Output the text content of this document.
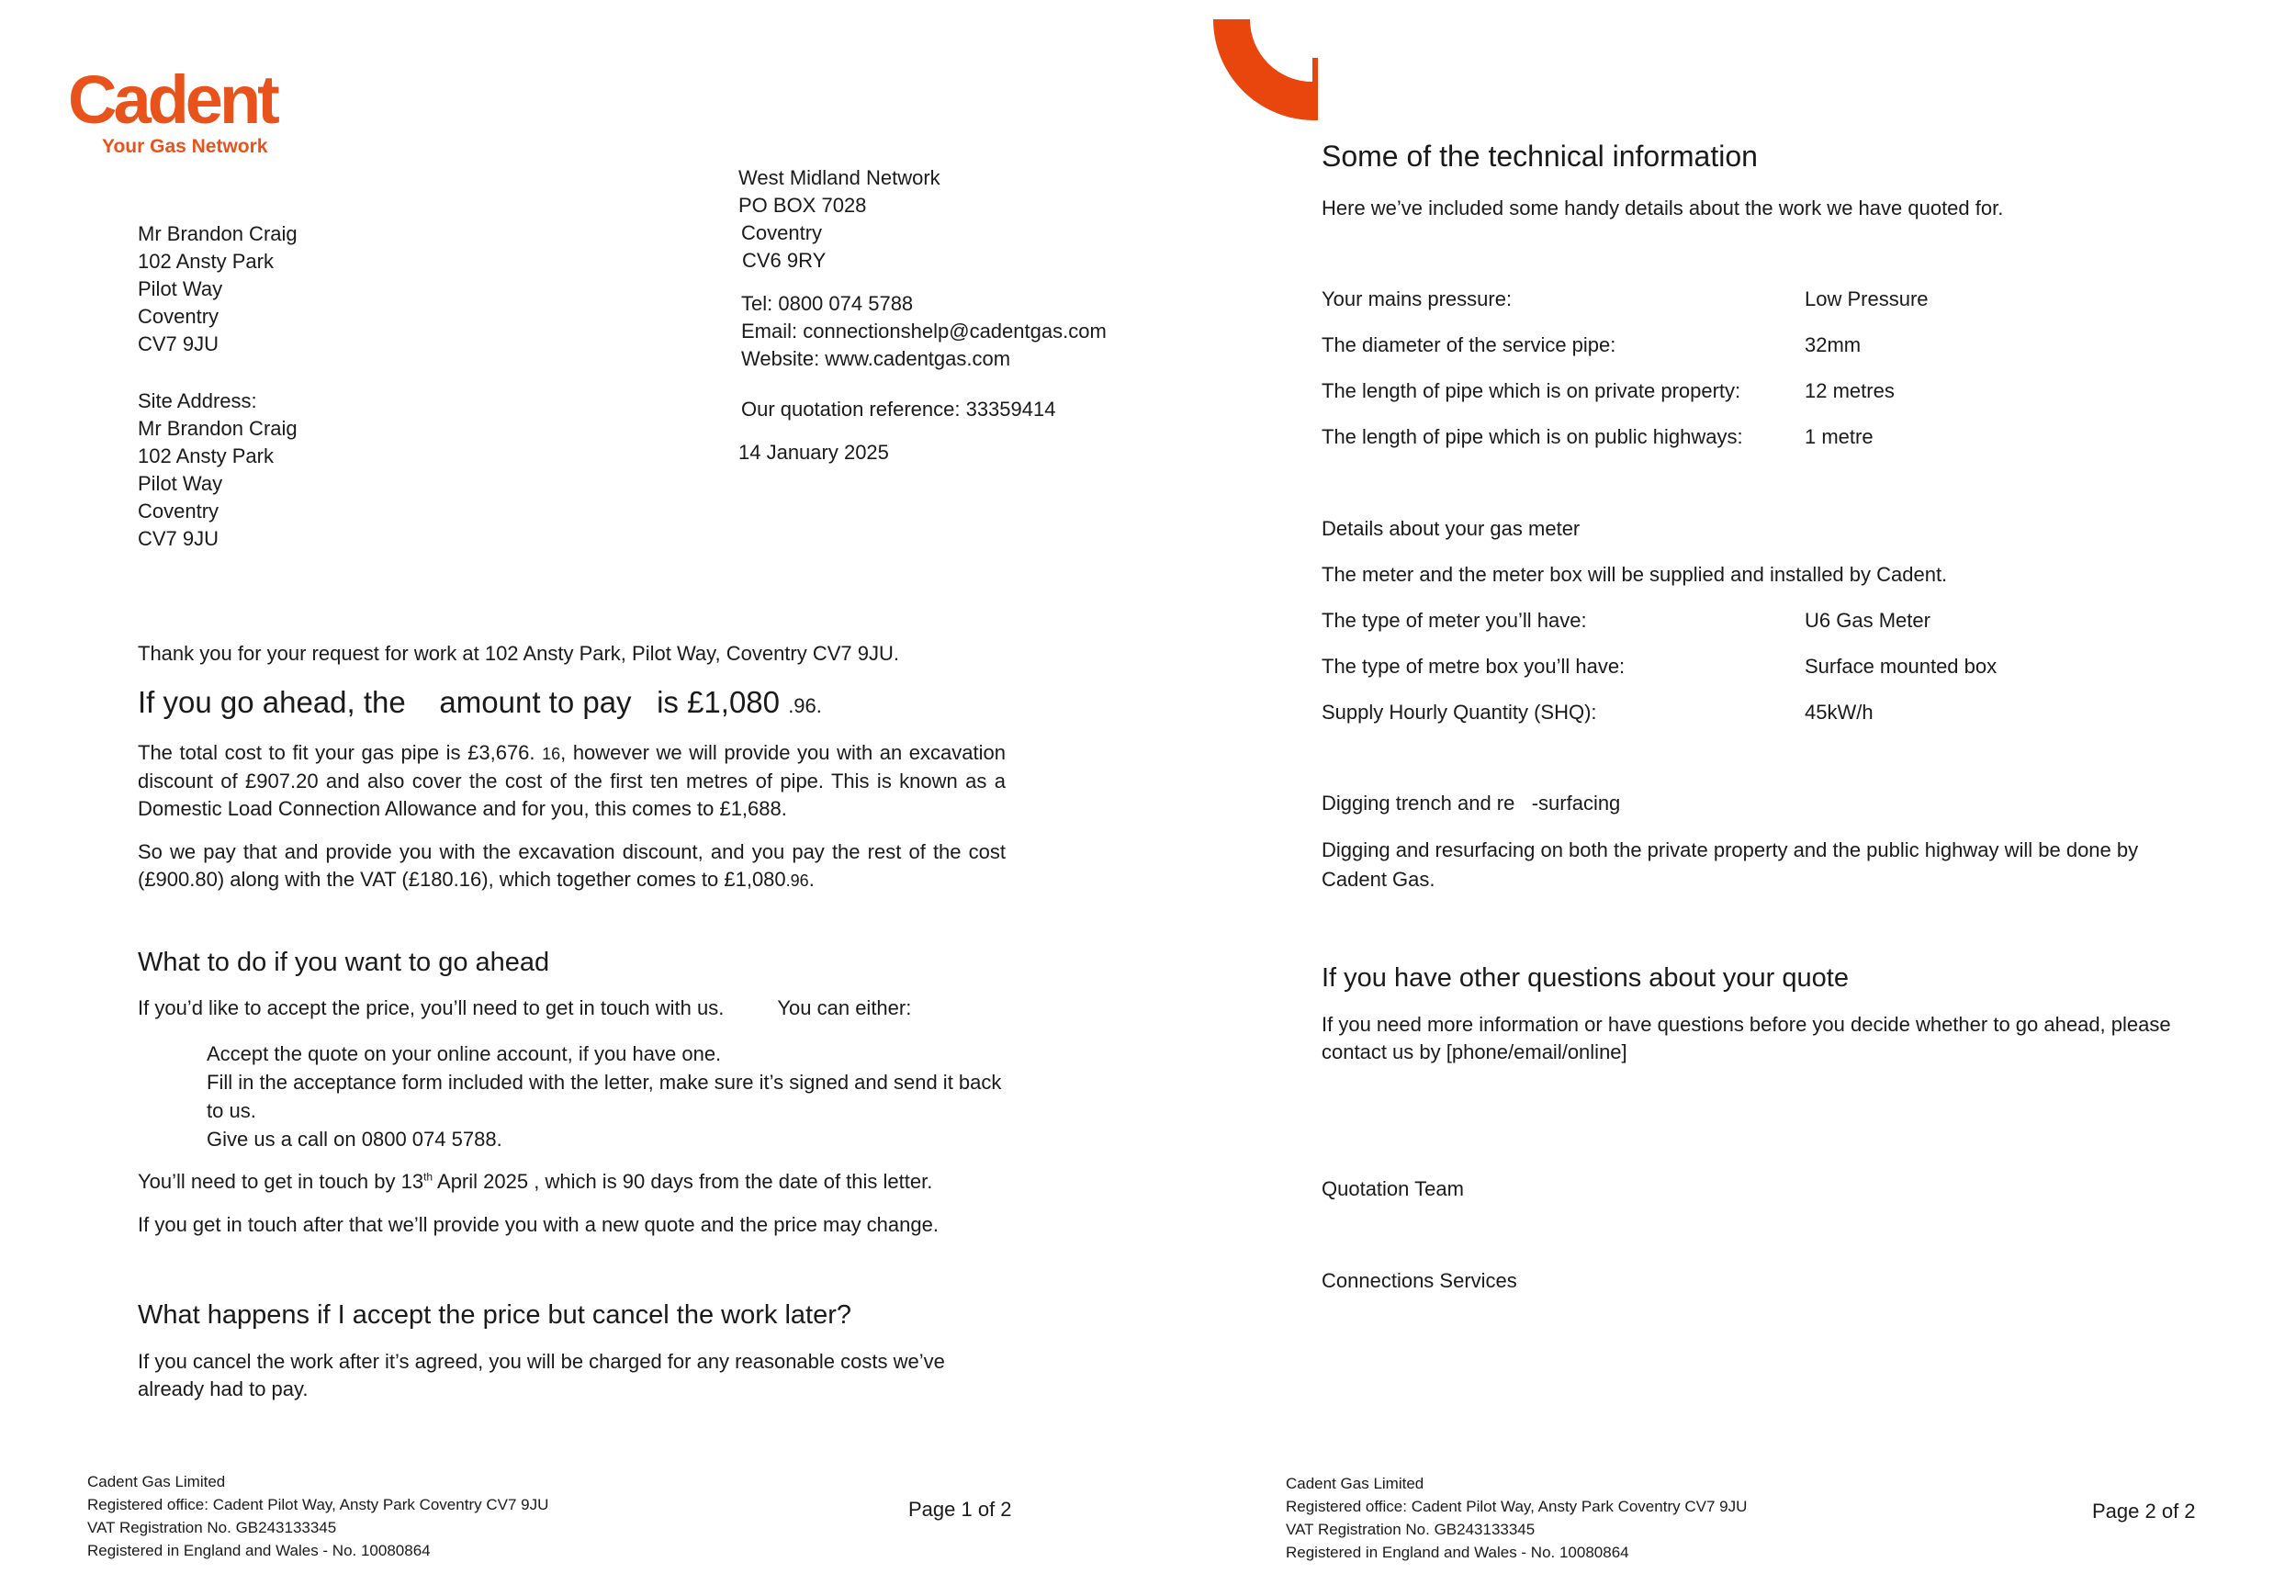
Cadent
Your Gas Network
West Midland Network
PO BOX 7028
Coventry
CV6 9RY
Tel: 0800 074 5788
Email: connectionshelp@cadentgas.com
Website: www.cadentgas.com
Our quotation reference: 33359414
14 January 2025
Mr Brandon Craig
102 Ansty Park
Pilot Way
Coventry
CV7 9JU
Site Address:
Mr Brandon Craig
102 Ansty Park
Pilot Way
Coventry
CV7 9JU
Thank you for your request for work at 102 Ansty Park, Pilot Way, Coventry CV7 9JU.
If you go ahead, the amount to pay is £1,080 .96.
The total cost to fit your gas pipe is £3,676. 16, however we will provide you with an excavation discount of £907.20 and also cover the cost of the first ten metres of pipe. This is known as a Domestic Load Connection Allowance and for you, this comes to £1,688.
So we pay that and provide you with the excavation discount, and you pay the rest of the cost (£900.80) along with the VAT (£180.16), which together comes to £1,080.96.
What to do if you want to go ahead
If you’d like to accept the price, you’ll need to get in touch with us.	You can either:
Accept the quote on your online account, if you have one.
Fill in the acceptance form included with the letter, make sure it’s signed and send it back to us.
Give us a call on 0800 074 5788.
You’ll need to get in touch by 13th April 2025 , which is 90 days from the date of this letter.
If you get in touch after that we’ll provide you with a new quote and the price may change.
What happens if I accept the price but cancel the work later?
If you cancel the work after it’s agreed, you will be charged for any reasonable costs we’ve already had to pay.
Cadent Gas Limited
Registered office: Cadent Pilot Way, Ansty Park Coventry CV7 9JU
VAT Registration No. GB243133345
Registered in England and Wales - No. 10080864
Page 1 of 2
Some of the technical information
Here we’ve included some handy details about the work we have quoted for.
Your mains pressure:	Low Pressure
The diameter of the service pipe:	32mm
The length of pipe which is on private property:	12 metres
The length of pipe which is on public highways:	1 metre
Details about your gas meter
The meter and the meter box will be supplied and installed by Cadent.
The type of meter you’ll have:	U6 Gas Meter
The type of metre box you’ll have:	Surface mounted box
Supply Hourly Quantity (SHQ):	45kW/h
Digging trench and re -surfacing
Digging and resurfacing on both the private property and the public highway will be done by Cadent Gas.
If you have other questions about your quote
If you need more information or have questions before you decide whether to go ahead, please contact us by [phone/email/online]
Quotation Team
Connections Services
Cadent Gas Limited
Registered office: Cadent Pilot Way, Ansty Park Coventry CV7 9JU
VAT Registration No. GB243133345
Registered in England and Wales - No. 10080864
Page 2 of 2
